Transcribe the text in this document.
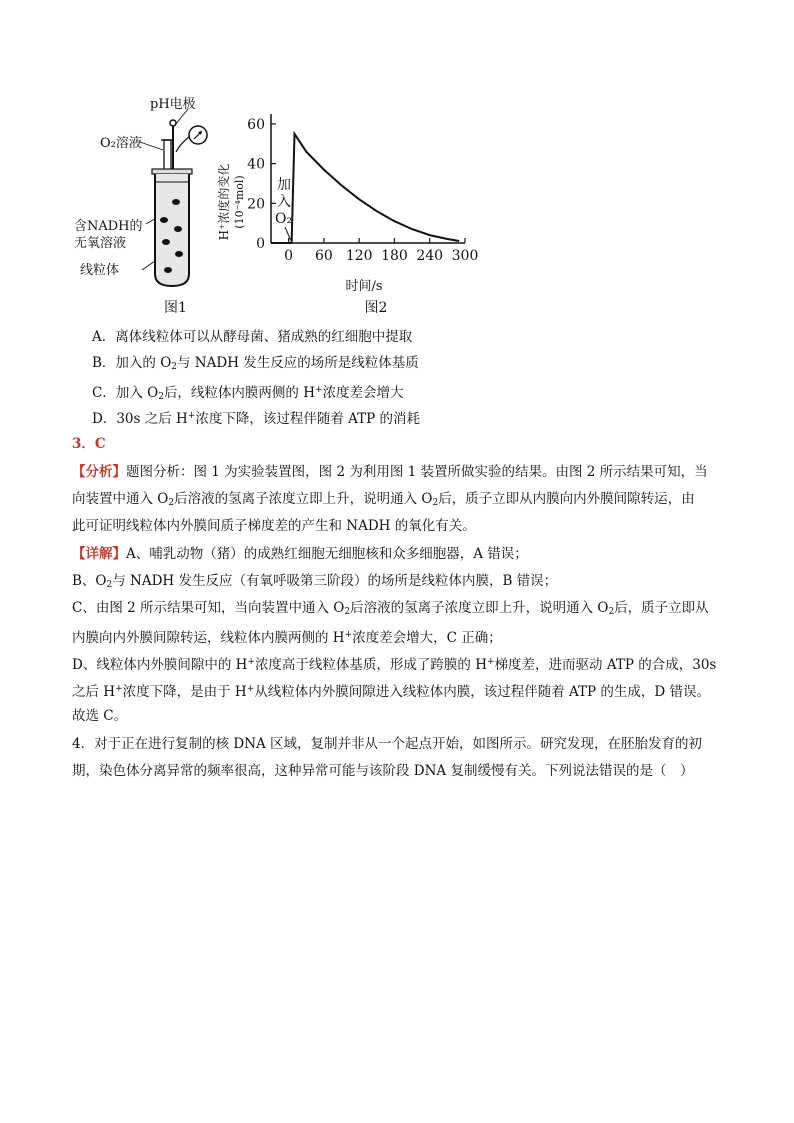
pH电极
O₂溶液
含NADH的
无氧溶液
线粒体
图1
H⁺浓度的变化 (10⁻⁴mol)
时间/s
图2
加
入
O₂
0
20
40
60
0 60 120 180 240 300
A．离体线粒体可以从酵母菌、猪成熟的红细胞中提取
B．加入的 $O_2$与 NADH 发生反应的场所是线粒体基质
C．加入 $O_2$后，线粒体内膜两侧的 H+浓度差会增大
D．30s 之后 H+浓度下降，该过程伴随着 ATP 的消耗
3．C
【分析】题图分析：图 1 为实验装置图，图 2 为利用图 1 装置所做实验的结果。由图 2 所示结果可知，当
向装置中通入 $O_2$后溶液的氢离子浓度立即上升，说明通入 $O_2$后，质子立即从内膜向内外膜间隙转运，由
此可证明线粒体内外膜间质子梯度差的产生和 NADH 的氧化有关。
【详解】A、哺乳动物（猪）的成熟红细胞无细胞核和众多细胞器，A 错误；
B、$O_2$与 NADH 发生反应（有氧呼吸第三阶段）的场所是线粒体内膜，B 错误；
C、由图 2 所示结果可知，当向装置中通入 $O_2$后溶液的氢离子浓度立即上升，说明通入 $O_2$后，质子立即从
内膜向内外膜间隙转运，线粒体内膜两侧的 H+浓度差会增大，C 正确；
D、线粒体内外膜间隙中的 H+浓度高于线粒体基质，形成了跨膜的 H+梯度差，进而驱动 ATP 的合成，30s
之后 H+浓度下降，是由于 H+从线粒体内外膜间隙进入线粒体内膜，该过程伴随着 ATP 的生成，D 错误。
故选 C。
4．对于正在进行复制的核 DNA 区域，复制并非从一个起点开始，如图所示。研究发现，在胚胎发育的初
期，染色体分离异常的频率很高，这种异常可能与该阶段 DNA 复制缓慢有关。下列说法错误的是（　）
